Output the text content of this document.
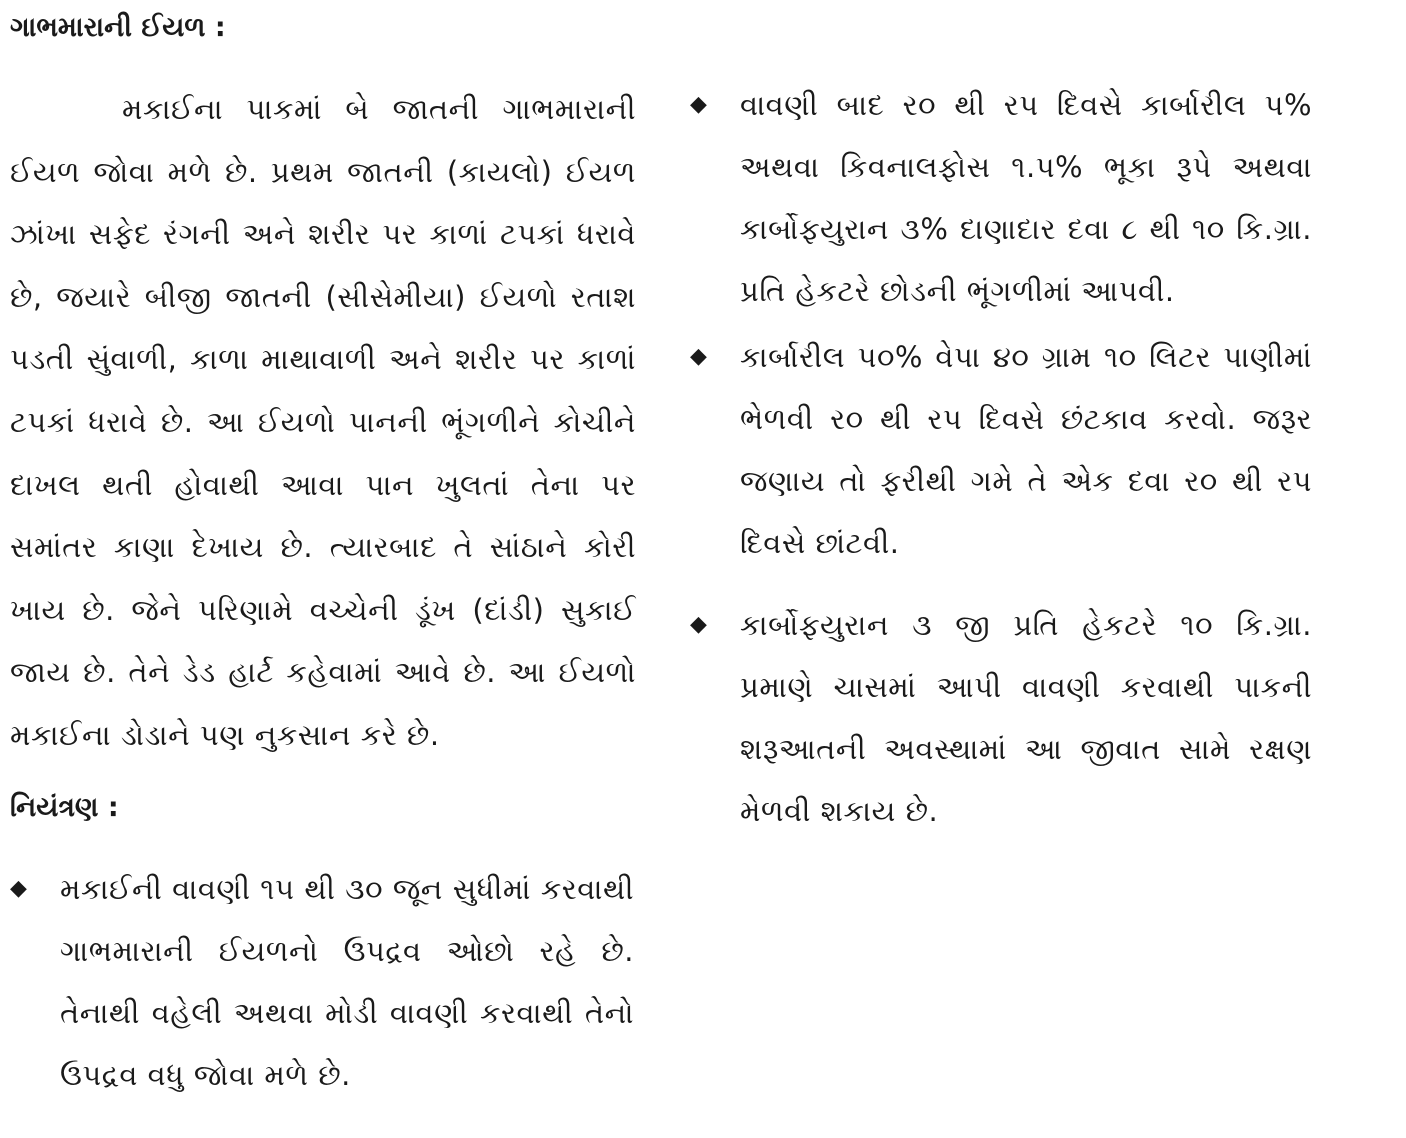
ગાભમારાની ઈયળ :

મકાઈના પાકમાં બે જાતની ગાભમારાની ઈયળ જોવા મળે છે. પ્રથમ જાતની (કાયલો) ઈયળ ઝાંખા સફેદ રંગની અને શરીર પર કાળાં ટપકાં ધરાવે છે, જયારે બીજી જાતની (સીસેમીયા) ઈયળો રતાશ પડતી સુંવાળી, કાળા માથાવાળી અને શરીર પર કાળાં ટપકાં ધરાવે છે. આ ઈયળો પાનની ભૂંગળીને કોચીને દાખલ થતી હોવાથી આવા પાન ખુલતાં તેના પર સમાંતર કાણા દેખાય છે. ત્યારબાદ તે સાંઠાને કોરી ખાય છે. જેને પરિણામે વચ્ચેની ડૂંખ (દાંડી) સુકાઈ જાય છે. તેને ડેડ હાર્ટ કહેવામાં આવે છે. આ ઈયળો મકાઈના ડોડાને પણ નુકસાન કરે છે.

નિયંત્રણ :
◆	મકાઈની વાવણી ૧૫ થી ૩૦ જૂન સુધીમાં કરવાથી ગાભમારાની ઈયળનો ઉપદ્રવ ઓછો રહે છે. તેનાથી વહેલી અથવા મોડી વાવણી કરવાથી તેનો ઉપદ્રવ વધુ જોવા મળે છે.
◆	વાવણી બાદ ર૦ થી રપ દિવસે કાર્બારીલ પ% અથવા કિવનાલફોસ ૧.પ% ભૂકા રૂપે અથવા કાર્બોફયુરાન ૩% દાણાદાર દવા ૮ થી ૧૦ કિ.ગ્રા. પ્રતિ હેકટરે છોડની ભૂંગળીમાં આપવી.
◆	કાર્બારીલ પ૦% વેપા ૪૦ ગ્રામ ૧૦ લિટર પાણીમાં ભેળવી ર૦ થી રપ દિવસે છંટકાવ કરવો. જરૂર જણાય તો ફરીથી ગમે તે એક દવા ર૦ થી રપ દિવસે છાંટવી.
◆	કાર્બોફયુરાન ૩ જી પ્રતિ હેકટરે ૧૦ કિ.ગ્રા. પ્રમાણે ચાસમાં આપી વાવણી કરવાથી પાકની શરૂઆતની અવસ્થામાં આ જીવાત સામે રક્ષણ મેળવી શકાય છે.
